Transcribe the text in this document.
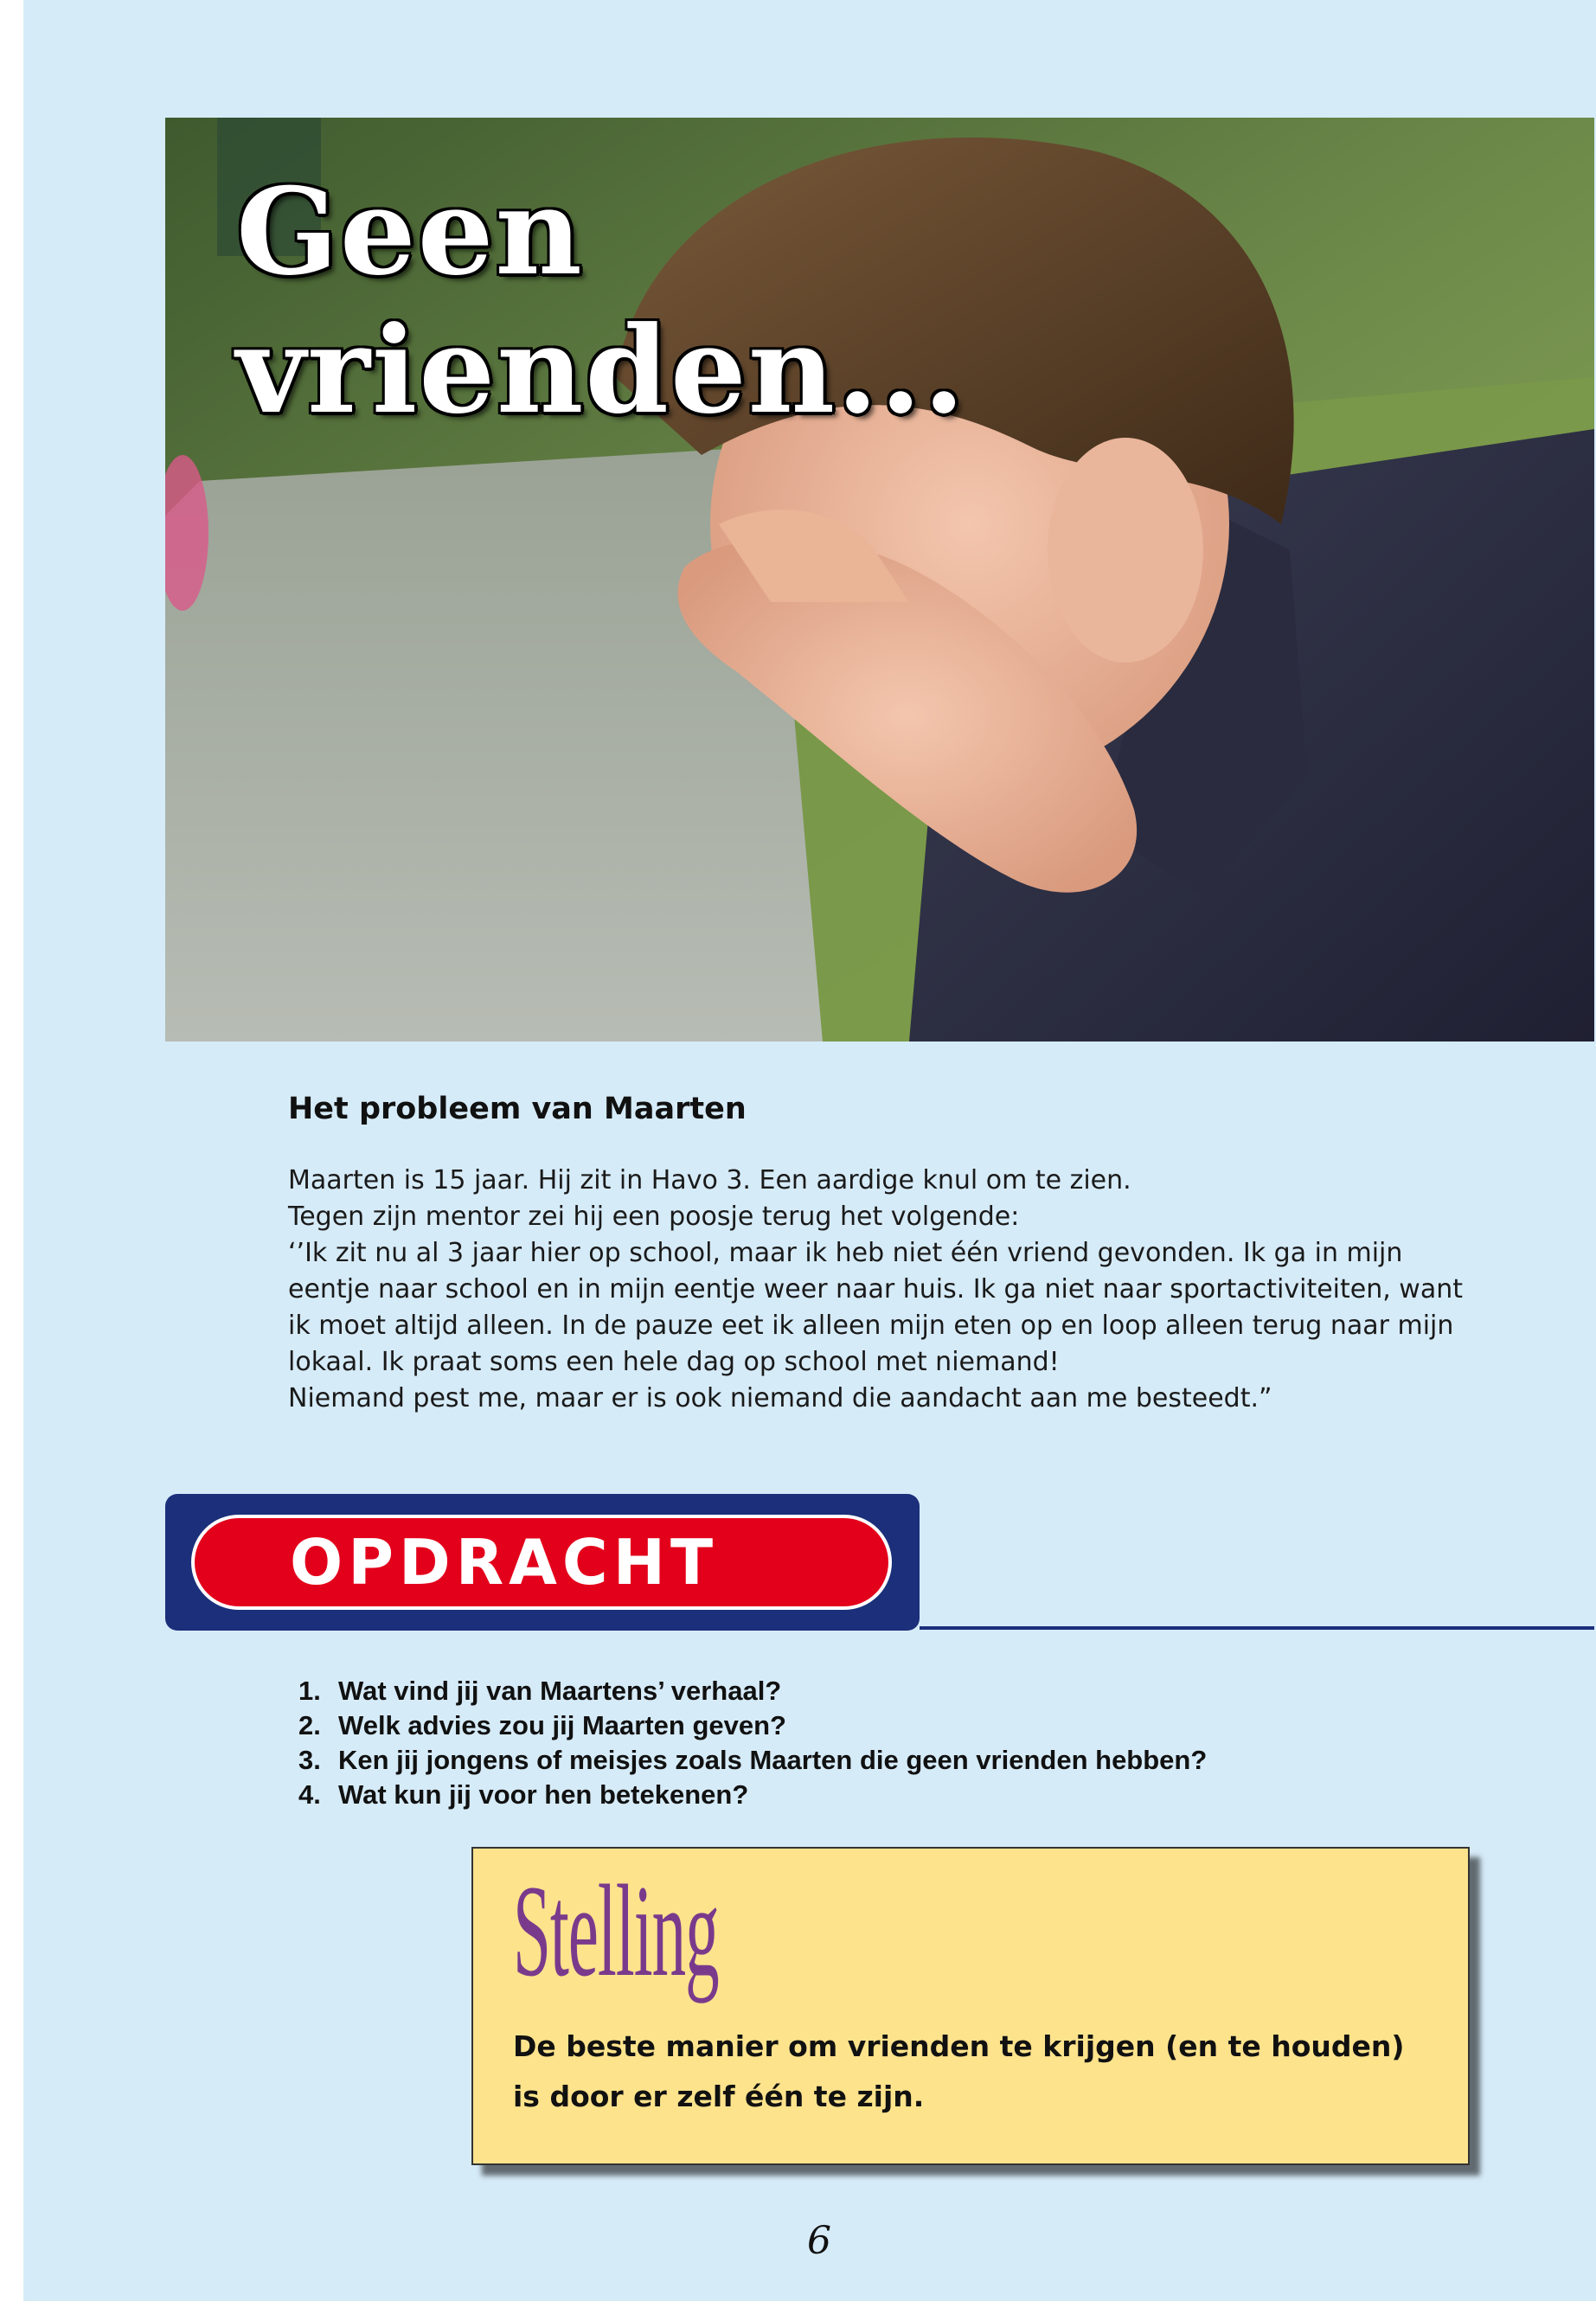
Geen
vrienden...
Het probleem van Maarten
Maarten is 15 jaar. Hij zit in Havo 3. Een aardige knul om te zien.
Tegen zijn mentor zei hij een poosje terug het volgende:
‘’Ik zit nu al 3 jaar hier op school, maar ik heb niet één vriend gevonden. Ik ga in mijn
eentje naar school en in mijn eentje weer naar huis. Ik ga niet naar sportactiviteiten, want
ik moet altijd alleen. In de pauze eet ik alleen mijn eten op en loop alleen terug naar mijn
lokaal. Ik praat soms een hele dag op school met niemand!
Niemand pest me, maar er is ook niemand die aandacht aan me besteedt.”
OPDRACHT
1. Wat vind jij van Maartens’ verhaal?
2. Welk advies zou jij Maarten geven?
3. Ken jij jongens of meisjes zoals Maarten die geen vrienden hebben?
4. Wat kun jij voor hen betekenen?
Stelling

De beste manier om vrienden te krijgen (en te houden) is door er zelf één te zijn.

6
